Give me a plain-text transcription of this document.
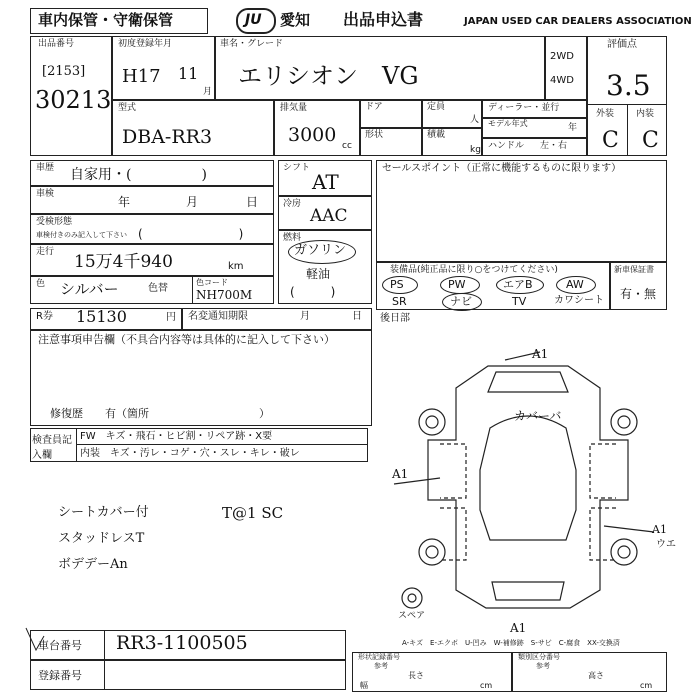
車内保管・守衛保管	JU 愛知 出品申込書	JAPAN USED CAR DEALERS ASSOCIATION
出品番号
[2153]
30213
初度登録年月
H17 11
月
車名・グレード
エリシオン　VG
2WD
4WD
評価点
3.5
外装 内装
C C
型式
DBA-RR3
排気量
3000 cc
ドア	定員
人
形状	積載
kg
ディーラー・並行
モデル年式	年
ハンドル 左・右
車歴 自家用・(　　　　　)
車検
年	月	日
受検形態
車検付きのみ記入して下さい (　　　　　　　　)
走行 15万4千940	km
色 シルバー	色替
色コード
NH700M
シフト
AT
冷房
AAC
燃料
ガソリン
軽油
(　　　)
セールスポイント（正常に機能するものに限ります）
装備品(純正品に限り○をつけてください)
PS	PW	エアB	AW
SR	ナビ	TV	カワシート
新車保証書
有・無
R券 15130	円 名変通知期限	月	日
注意事項申告欄（不具合内容等は具体的に記入して下さい）
修復歴　　有（箇所　　　　　　　　　　）
後日部
検査員記入欄
FW　キズ・飛石・ヒビ割・リペア跡・X要
内装　キズ・汚レ・コゲ・穴・スレ・キレ・破レ
シートカバー付
スタッドレスT
ボデデーAn
T@1 SC
A1
A1
A1
A1
カバーバ
ウエ
スペア
A-キズ　E-エクボ　U-凹み　W-補修跡　S-サビ　C-腐食　XX-交換済
車台番号 RR3-1100505
登録番号
形状記録番号
参考
長さ
cm
幅
類別区分番号
参考
高さ
cm
